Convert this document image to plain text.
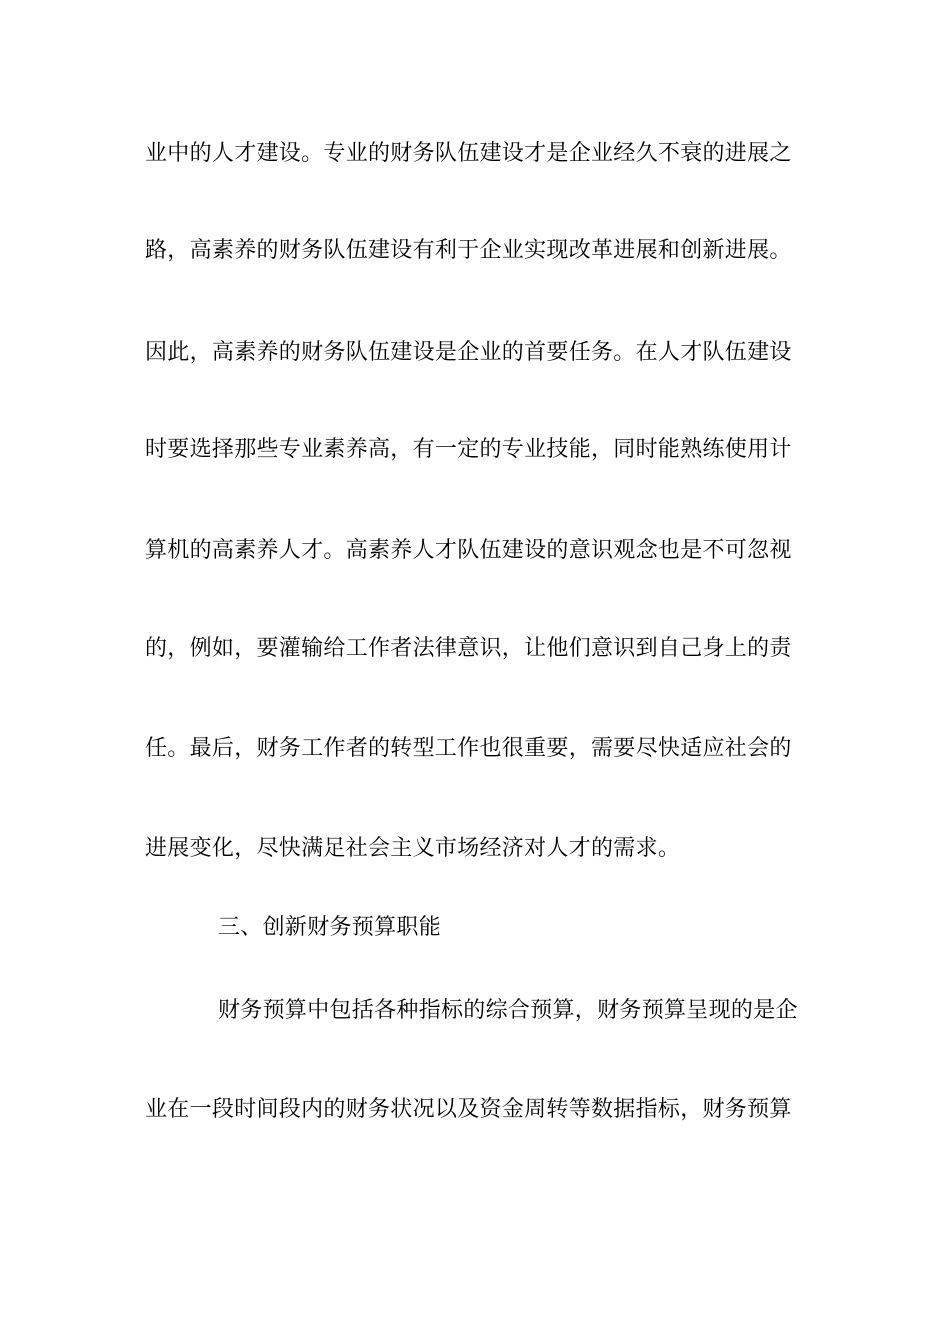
业中的人才建设。专业的财务队伍建设才是企业经久不衰的进展之
路，高素养的财务队伍建设有利于企业实现改革进展和创新进展。
因此，高素养的财务队伍建设是企业的首要任务。在人才队伍建设
时要选择那些专业素养高，有一定的专业技能，同时能熟练使用计
算机的高素养人才。高素养人才队伍建设的意识观念也是不可忽视
的，例如，要灌输给工作者法律意识，让他们意识到自己身上的责
任。最后，财务工作者的转型工作也很重要，需要尽快适应社会的
进展变化，尽快满足社会主义市场经济对人才的需求。
三、创新财务预算职能
财务预算中包括各种指标的综合预算，财务预算呈现的是企
业在一段时间段内的财务状况以及资金周转等数据指标，财务预算
